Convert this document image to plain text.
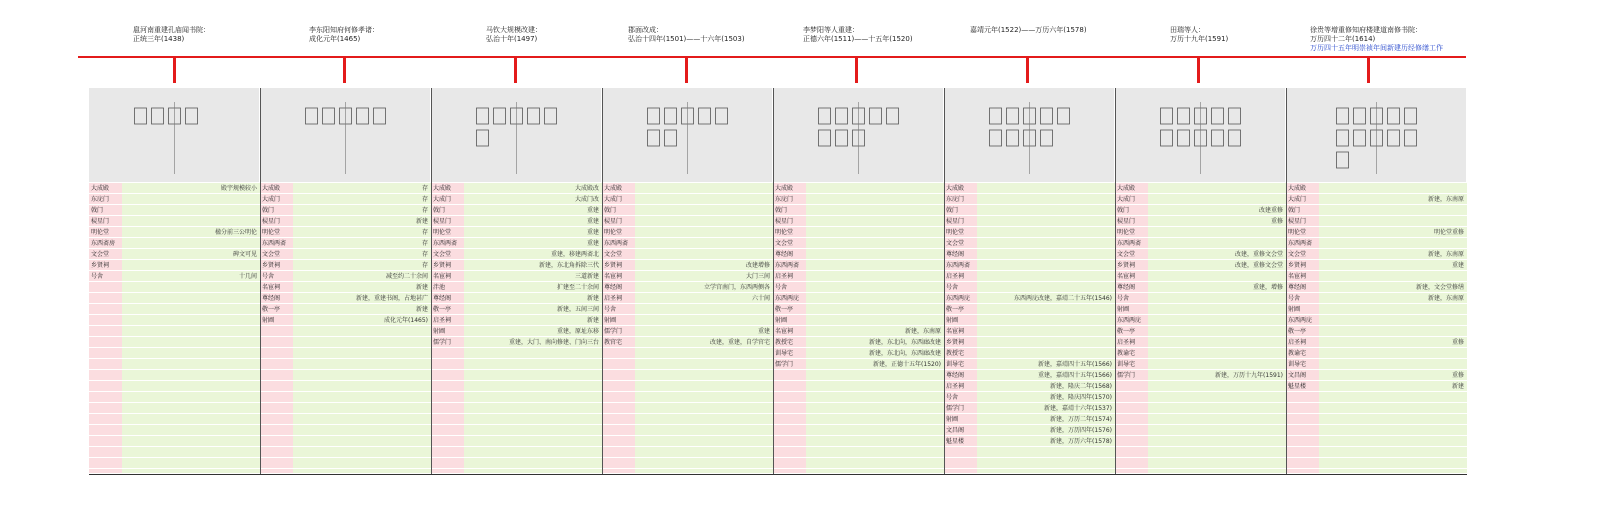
扈河南重建孔庙闻书院：
正统三年(1438)
李东阳知府何修孝诸：
成化元年(1465)
马钦大规模改建：
弘治十年(1497)
郡面改成：
弘治十四年(1501)——十六年(1503)
李梦阳等人重建：
正德六年(1511)——十五年(1520)
嘉靖元年(1522)——万历六年(1578)	田瑞等人：
万历十九年(1591)
徐贵等增重修知府楼建道南修书院：
万历四十二年(1614)
万历四十五年明崇祯年间新建历经修缮工作
大成殿	殿宇规模较小
东庑门
戟门
棂星门
明伦堂	楹分前三公明伦
东西斋房
文会堂	碑文可见
乡贤祠
号舍	十几间
大成殿	存
大成门	存
戟门	存
棂星门	新建
明伦堂	存
东西两斋	存
文会堂	存
乡贤祠	存
号舍	减至约二十余间
名宦祠	新建
尊经阁	新建，重建书阁，占地甚广
敬一亭	新建
射圃	成化元年(1465)
大成殿	大成殿改
大成门	大成门改
戟门	重建
棂星门	重建
明伦堂	重建
东西两斋	重建
文会堂	重建，移建两斋北
乡贤祠	新建，东北角拆除三代
名宦祠	三道新建
泮池	扩建至二十余间
尊经阁	新建
敬一亭	新建，五间三间
启圣祠	新建
射圃	重建，原址东移
儒学门	重建，大门、南向修建、门向三台
大成殿
大成门
戟门
棂星门
明伦堂
东西两斋
文会堂
乡贤祠	改建增修
名宦祠	大门三间
尊经阁	立学宫南门，东西两侧各
启圣祠	六十间
号舍
射圃
儒学门	重建
教官宅	改建，重建，自学官宅
大成殿
东庑门
戟门
棂星门
明伦堂
文会堂
尊经阁
东西两斋
启圣祠
号舍
东西两庑
敬一亭
射圃
名宦祠	新建，东南原
教授宅	新建，东北向，东西廊改建
训导宅	新建，东北向，东西廊改建
儒学门	新建，正德十五年(1520)
大成殿
东庑门
戟门
棂星门
明伦堂
文会堂
尊经阁
东西两斋
启圣祠
号舍
东西两庑	东西两庑改建，嘉靖二十五年(1546)
敬一亭
射圃
名宦祠
乡贤祠
教授宅
训导宅	新建，嘉靖四十五年(1566)
尊经阁	重建，嘉靖四十五年(1566)
启圣祠	新建，隆庆二年(1568)
号舍	新建，隆庆四年(1570)
儒学门	新建，嘉靖十六年(1537)
射圃	新建，万历二年(1574)
文昌阁	新建，万历四年(1576)
魁星楼	新建，万历六年(1578)
大成殿
大成门
戟门	改建重修
棂星门	重修
明伦堂
东西两斋
文会堂	改建，重修文会堂
乡贤祠	改建，重修文会堂
名宦祠
尊经阁	重建，增修
号舍
射圃
东西两庑
敬一亭
启圣祠
教谕宅
训导宅
儒学门	新建，万历十九年(1591)
大成殿
大成门	新建，东南原
戟门
棂星门
明伦堂	明伦堂重修
东西两斋
文会堂	新建，东南原
乡贤祠	重建
名宦祠
尊经阁	新建，文会堂修缮
号舍	新建，东南原
射圃
东西两庑
敬一亭
启圣祠	重修
教谕宅
训导宅
文昌阁	重修
魁星楼	新建
